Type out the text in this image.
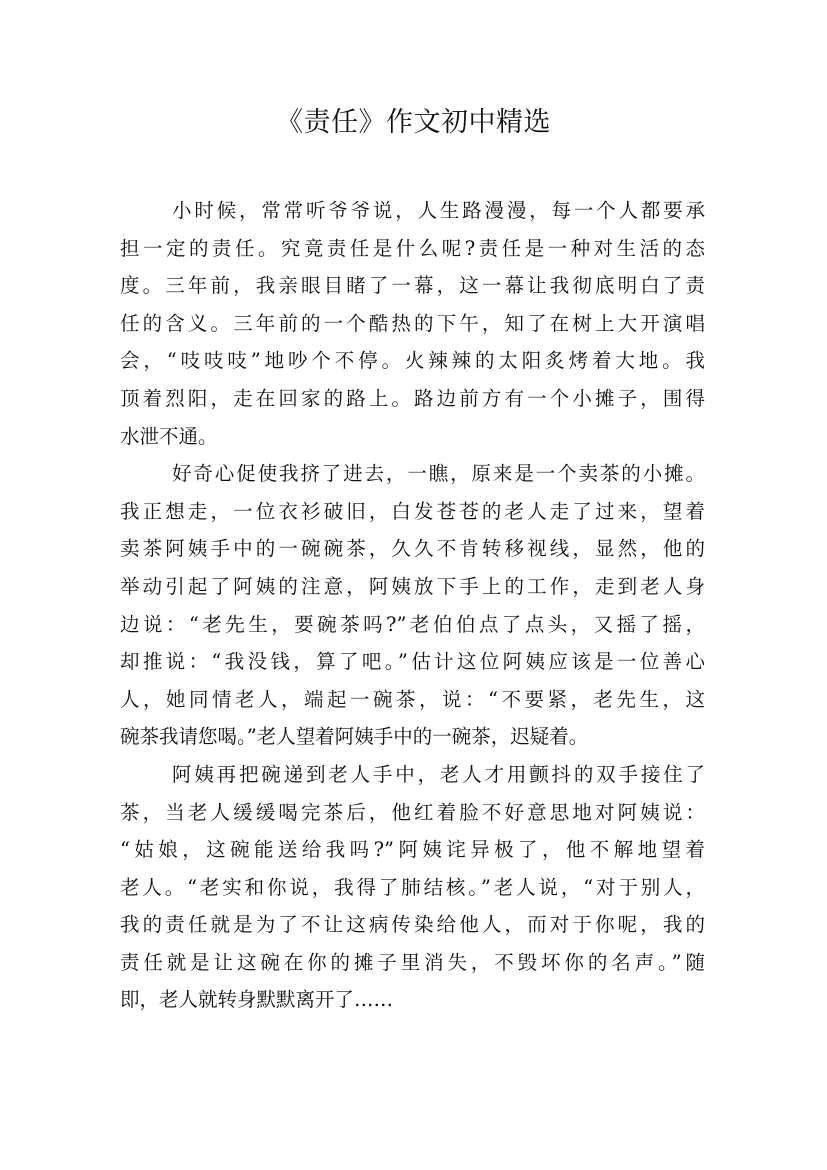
《责任》作文初中精选
小时候，常常听爷爷说，人生路漫漫，每一个人都要承
担一定的责任。究竟责任是什么呢?责任是一种对生活的态
度。三年前，我亲眼目睹了一幕，这一幕让我彻底明白了责
任的含义。三年前的一个酷热的下午，知了在树上大开演唱
会，“吱吱吱”地吵个不停。火辣辣的太阳炙烤着大地。我
顶着烈阳，走在回家的路上。路边前方有一个小摊子，围得
水泄不通。
好奇心促使我挤了进去，一瞧，原来是一个卖茶的小摊。
我正想走，一位衣衫破旧，白发苍苍的老人走了过来，望着
卖茶阿姨手中的一碗碗茶，久久不肯转移视线，显然，他的
举动引起了阿姨的注意，阿姨放下手上的工作，走到老人身
边说：“老先生，要碗茶吗?”老伯伯点了点头，又摇了摇，
却推说：“我没钱，算了吧。”估计这位阿姨应该是一位善心
人，她同情老人，端起一碗茶，说：“不要紧，老先生，这
碗茶我请您喝。”老人望着阿姨手中的一碗茶，迟疑着。
阿姨再把碗递到老人手中，老人才用颤抖的双手接住了
茶，当老人缓缓喝完茶后，他红着脸不好意思地对阿姨说：
“姑娘，这碗能送给我吗?”阿姨诧异极了，他不解地望着
老人。“老实和你说，我得了肺结核。”老人说，“对于别人，
我的责任就是为了不让这病传染给他人，而对于你呢，我的
责任就是让这碗在你的摊子里消失，不毁坏你的名声。”随
即，老人就转身默默离开了……
